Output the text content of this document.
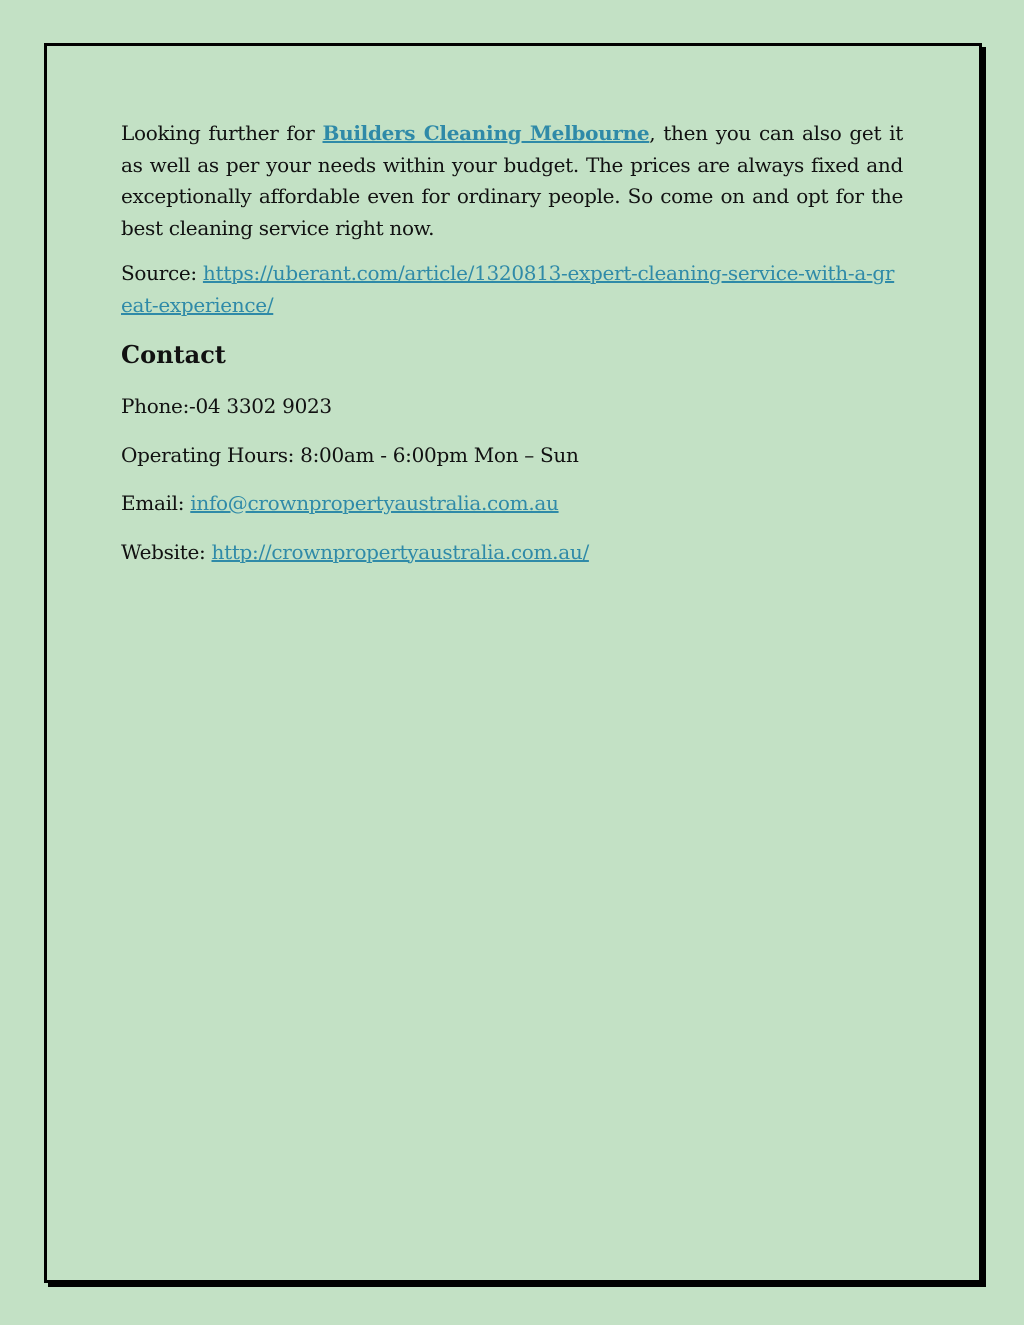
Looking further for Builders Cleaning Melbourne, then you can also get it as well as per your needs within your budget. The prices are always fixed and exceptionally affordable even for ordinary people. So come on and opt for the best cleaning service right now.

Source: https://uberant.com/article/1320813-expert-cleaning-service-with-a-great-experience/

Contact

Phone:-04 3302 9023

Operating Hours: 8:00am - 6:00pm Mon – Sun

Email: info@crownpropertyaustralia.com.au

Website: http://crownpropertyaustralia.com.au/
